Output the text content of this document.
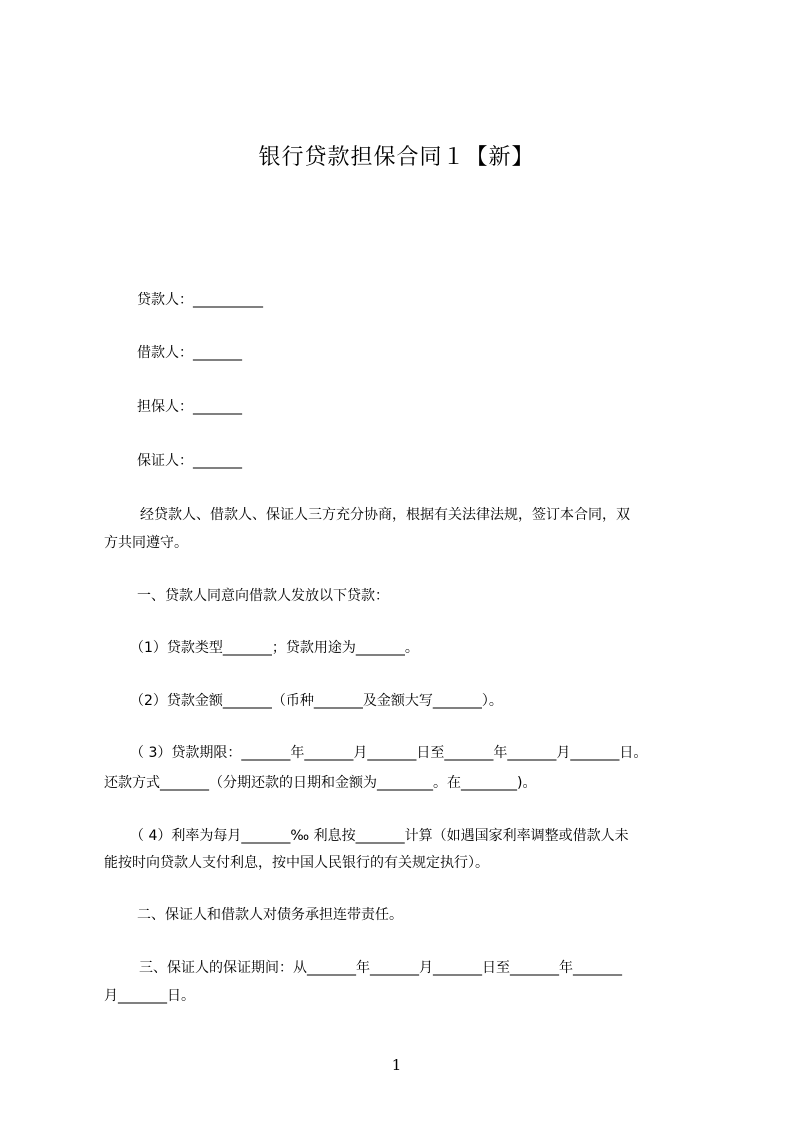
银行贷款担保合同１【新】
贷款人：__________
借款人：_______
担保人：_______
保证人：_______
经贷款人、借款人、保证人三方充分协商，根据有关法律法规，签订本合同，双
方共同遵守。
一、贷款人同意向借款人发放以下贷款：
（1）贷款类型_______；贷款用途为_______。
（2）贷款金额_______（币种_______及金额大写_______）。
（ 3）贷款期限：_______年_______月_______日至_______年_______月_______日。
还款方式_______（分期还款的日期和金额为________。在________)。
（ 4）利率为每月_______‰ 利息按_______计算（如遇国家利率调整或借款人未
能按时向贷款人支付利息，按中国人民银行的有关规定执行）。
二、保证人和借款人对债务承担连带责任。
三、保证人的保证期间：从_______年_______月_______日至_______年_______
月_______日。
1
